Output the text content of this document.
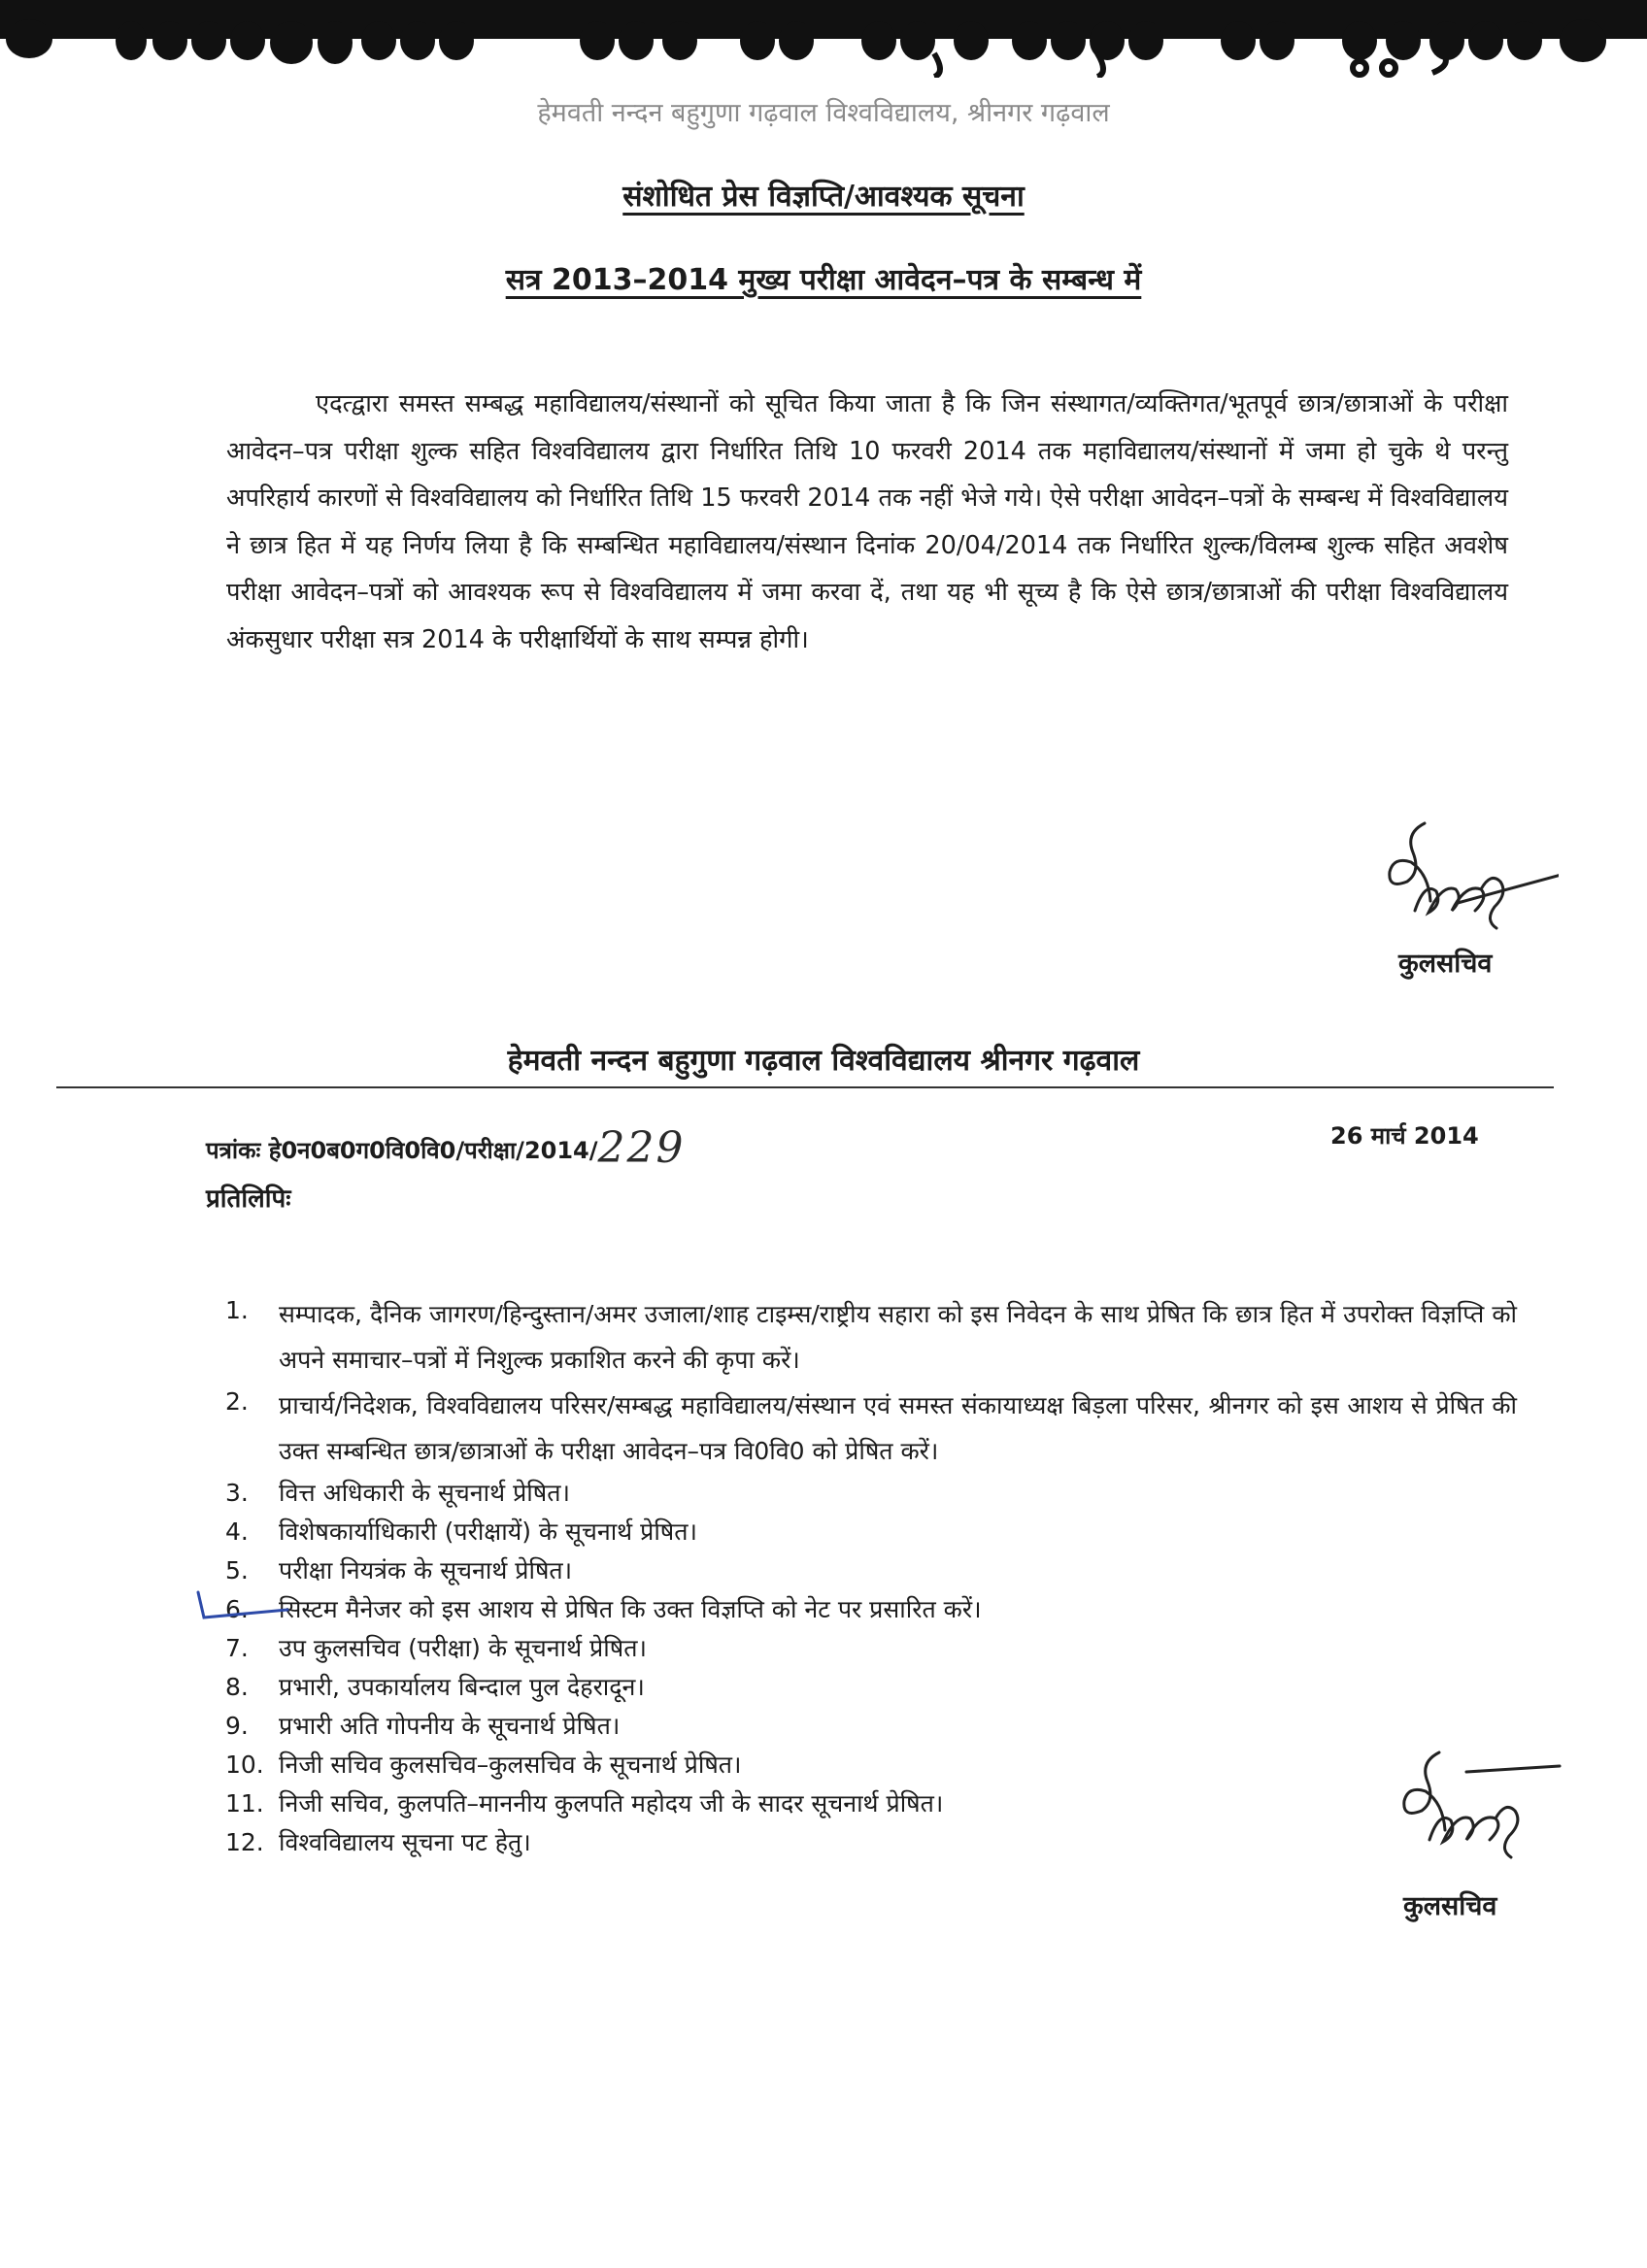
हेमवती नन्दन बहुगुणा गढ़वाल विश्वविद्यालय, श्रीनगर गढ़वाल
संशोधित प्रेस विज्ञप्ति/आवश्यक सूचना
सत्र 2013–2014 मुख्य परीक्षा आवेदन–पत्र के सम्बन्ध में
एदत्द्वारा समस्त सम्बद्ध महाविद्यालय/संस्थानों को सूचित किया जाता है कि जिन संस्थागत/व्यक्तिगत/भूतपूर्व छात्र/छात्राओं के परीक्षा आवेदन–पत्र परीक्षा शुल्क सहित विश्वविद्यालय द्वारा निर्धारित तिथि 10 फरवरी 2014 तक महाविद्यालय/संस्थानों में जमा हो चुके थे परन्तु अपरिहार्य कारणों से विश्वविद्यालय को निर्धारित तिथि 15 फरवरी 2014 तक नहीं भेजे गये। ऐसे परीक्षा आवेदन–पत्रों के सम्बन्ध में विश्वविद्यालय ने छात्र हित में यह निर्णय लिया है कि सम्बन्धित महाविद्यालय/संस्थान दिनांक 20/04/2014 तक निर्धारित शुल्क/विलम्ब शुल्क सहित अवशेष परीक्षा आवेदन–पत्रों को आवश्यक रूप से विश्वविद्यालय में जमा करवा दें, तथा यह भी सूच्य है कि ऐसे छात्र/छात्राओं की परीक्षा विश्वविद्यालय अंकसुधार परीक्षा सत्र 2014 के परीक्षार्थियों के साथ सम्पन्न होगी।
कुलसचिव
हेमवती नन्दन बहुगुणा गढ़वाल विश्वविद्यालय श्रीनगर गढ़वाल
पत्रांकः हे0न0ब0ग0वि0वि0/परीक्षा/2014/229	26 मार्च 2014
प्रतिलिपिः
1.	सम्पादक, दैनिक जागरण/हिन्दुस्तान/अमर उजाला/शाह टाइम्स/राष्ट्रीय सहारा को इस निवेदन के साथ प्रेषित कि छात्र हित में उपरोक्त विज्ञप्ति को अपने समाचार–पत्रों में निशुल्क प्रकाशित करने की कृपा करें।
2.	प्राचार्य/निदेशक, विश्वविद्यालय परिसर/सम्बद्ध महाविद्यालय/संस्थान एवं समस्त संकायाध्यक्ष बिड़ला परिसर, श्रीनगर को इस आशय से प्रेषित की उक्त सम्बन्धित छात्र/छात्राओं के परीक्षा आवेदन–पत्र वि0वि0 को प्रेषित करें।
3.	वित्त अधिकारी के सूचनार्थ प्रेषित।
4.	विशेषकार्याधिकारी (परीक्षायें) के सूचनार्थ प्रेषित।
5.	परीक्षा नियत्रंक के सूचनार्थ प्रेषित।
6.	सिस्टम मैनेजर को इस आशय से प्रेषित कि उक्त विज्ञप्ति को नेट पर प्रसारित करें।
7.	उप कुलसचिव (परीक्षा) के सूचनार्थ प्रेषित।
8.	प्रभारी, उपकार्यालय बिन्दाल पुल देहरादून।
9.	प्रभारी अति गोपनीय के सूचनार्थ प्रेषित।
10. निजी सचिव कुलसचिव–कुलसचिव के सूचनार्थ प्रेषित।
11. निजी सचिव, कुलपति–माननीय कुलपति महोदय जी के सादर सूचनार्थ प्रेषित।
12. विश्वविद्यालय सूचना पट हेतु।
कुलसचिव
